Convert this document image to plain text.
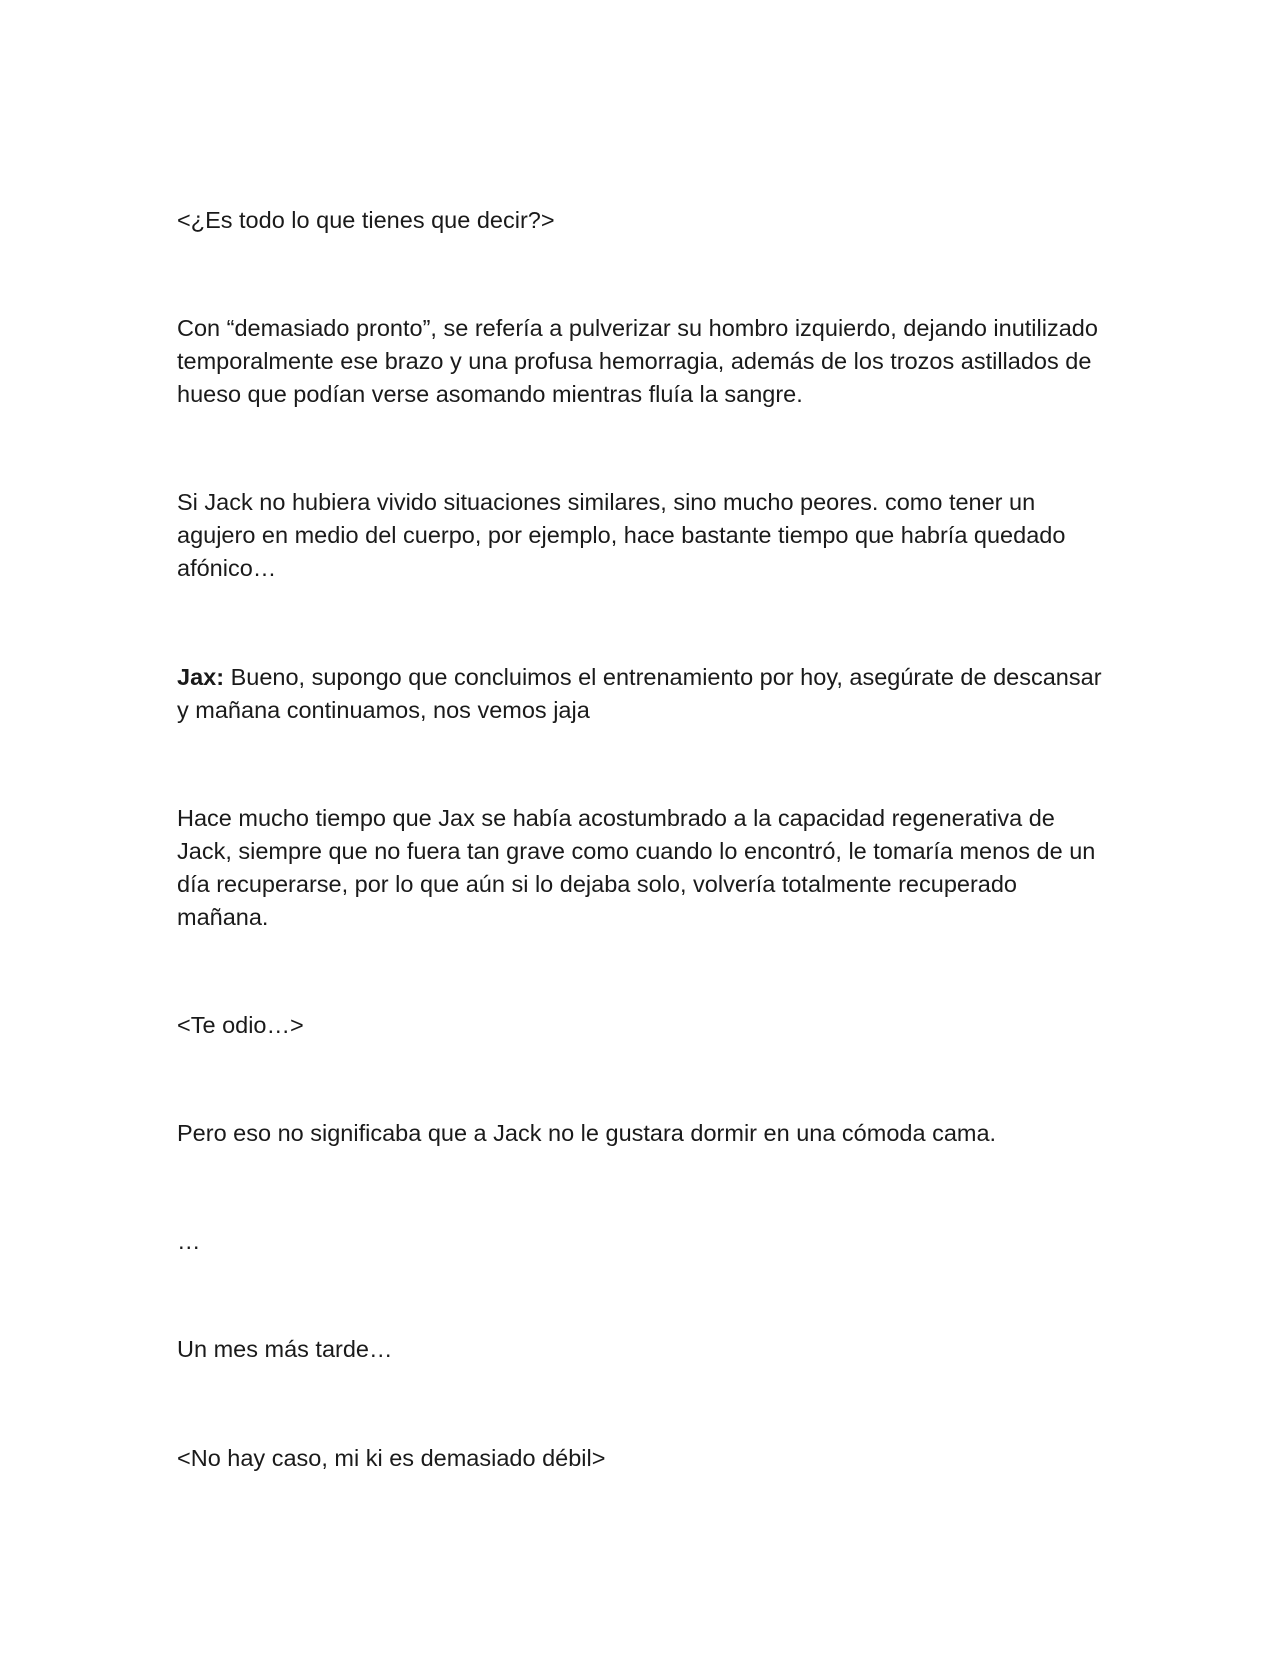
<¿Es todo lo que tienes que decir?>

Con “demasiado pronto”, se refería a pulverizar su hombro izquierdo, dejando inutilizado temporalmente ese brazo y una profusa hemorragia, además de los trozos astillados de hueso que podían verse asomando mientras fluía la sangre.

Si Jack no hubiera vivido situaciones similares, sino mucho peores. como tener un agujero en medio del cuerpo, por ejemplo, hace bastante tiempo que habría quedado afónico…

Jax: Bueno, supongo que concluimos el entrenamiento por hoy, asegúrate de descansar y mañana continuamos, nos vemos jaja

Hace mucho tiempo que Jax se había acostumbrado a la capacidad regenerativa de Jack, siempre que no fuera tan grave como cuando lo encontró, le tomaría menos de un día recuperarse, por lo que aún si lo dejaba solo, volvería totalmente recuperado mañana.

<Te odio…>

Pero eso no significaba que a Jack no le gustara dormir en una cómoda cama.

…

Un mes más tarde…

<No hay caso, mi ki es demasiado débil>
